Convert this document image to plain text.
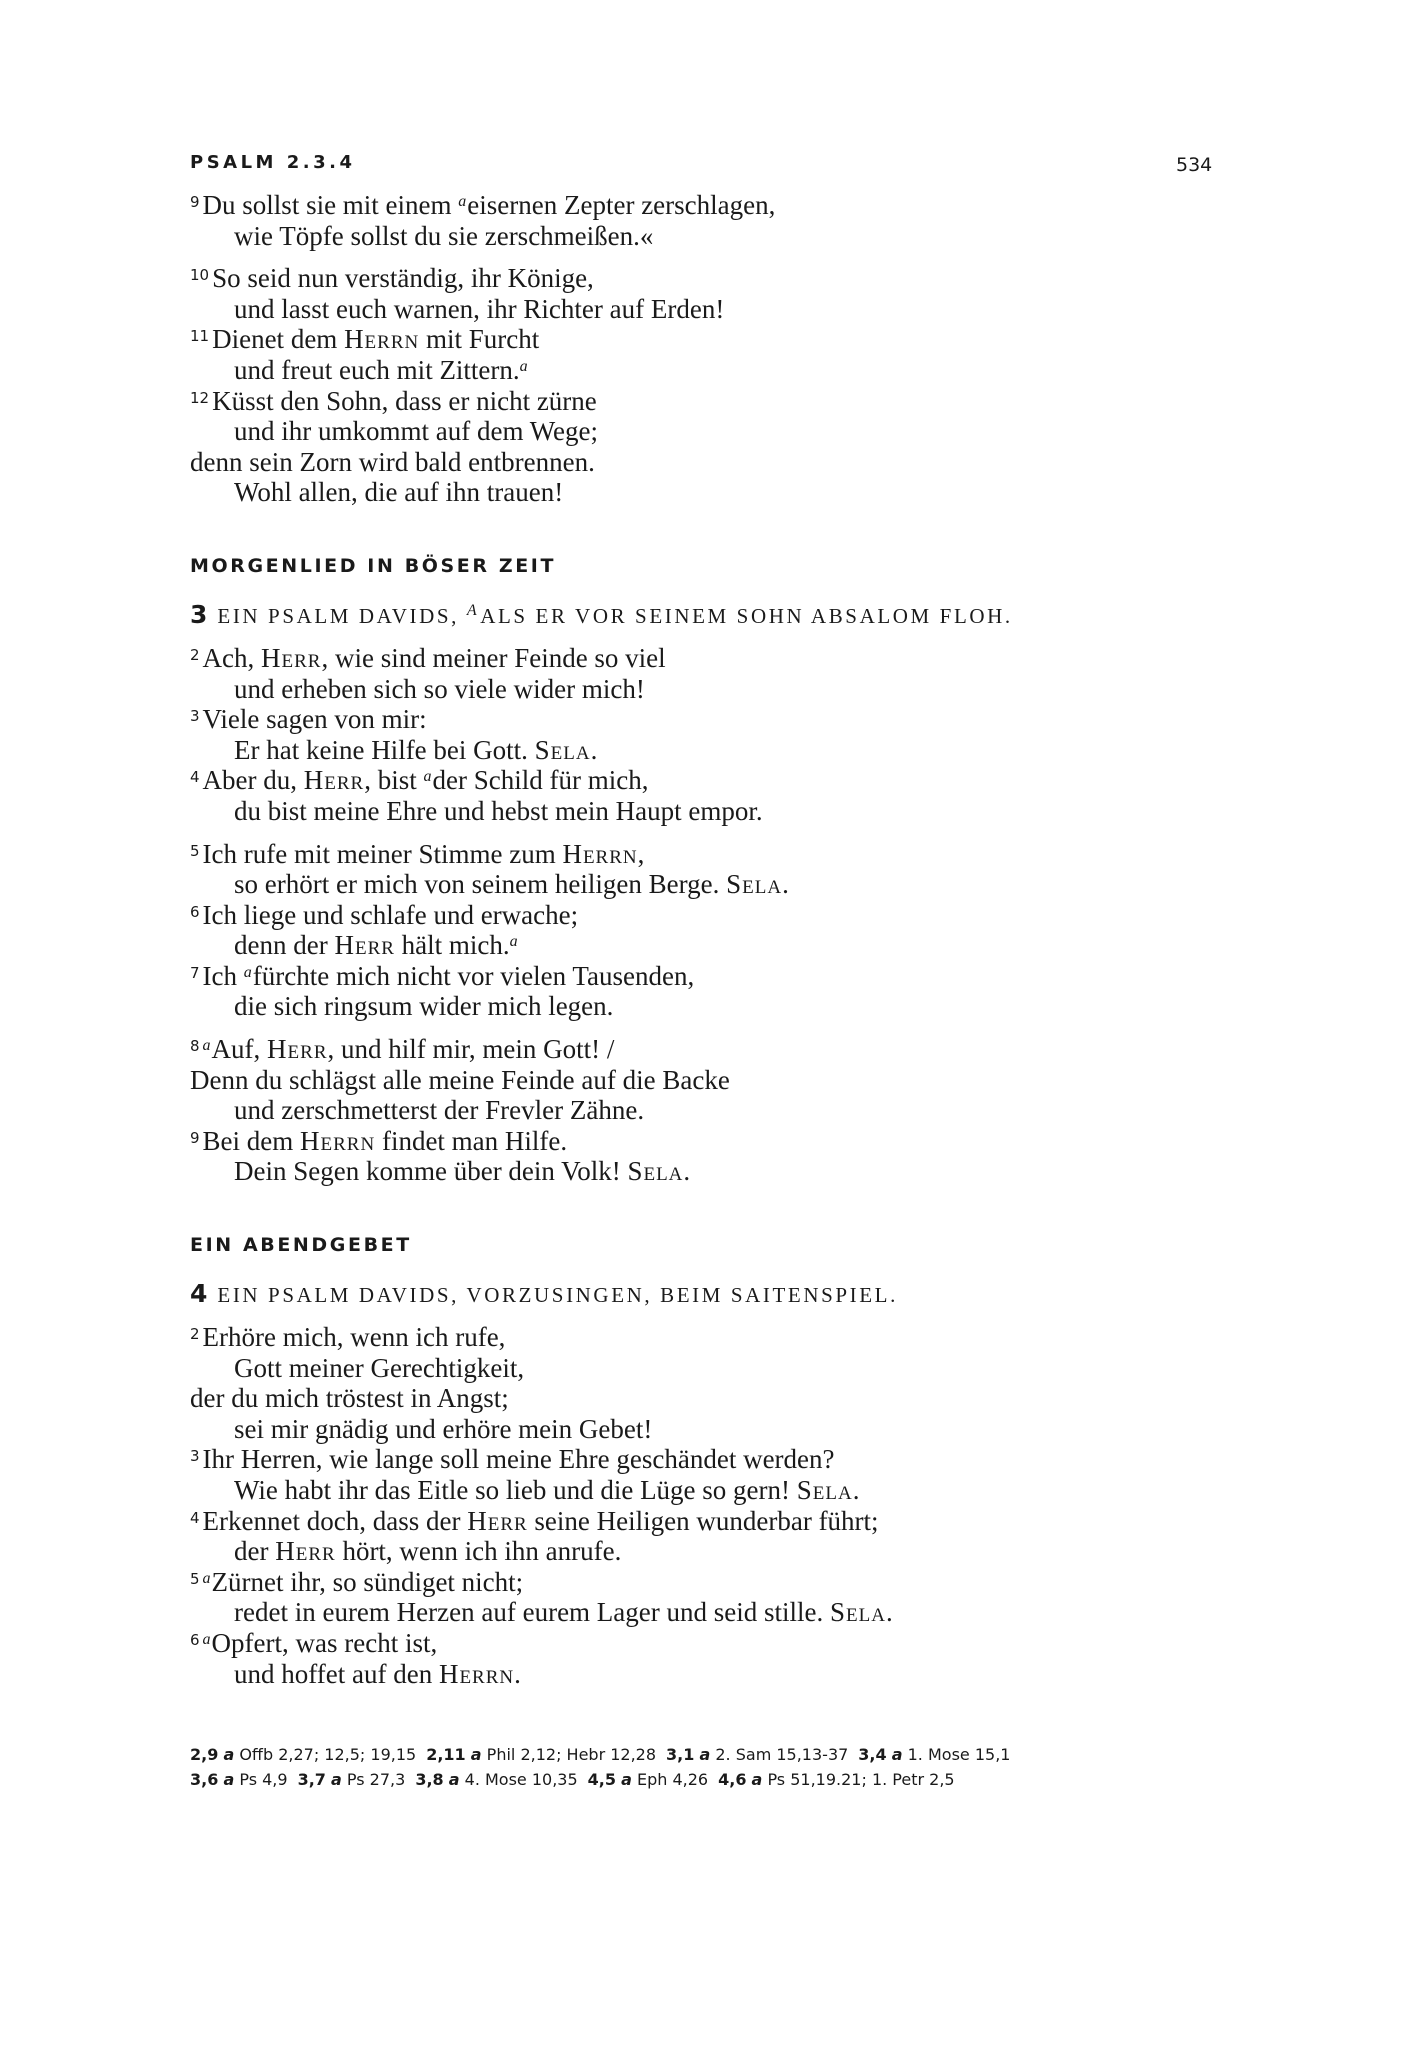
PSALM 2.3.4	534
$^9$ Du sollst sie mit einem $^a$eisernen Zepter zerschlagen,
wie Töpfe sollst du sie zerschmeißen.«
$^{10}$ So seid nun verständig, ihr Könige,
und lasst euch warnen, ihr Richter auf Erden!
$^{11}$ Dienet dem Herrn mit Furcht
und freut euch mit Zittern.$^a$
$^{12}$ Küsst den Sohn, dass er nicht zürne
und ihr umkommt auf dem Wege;
denn sein Zorn wird bald entbrennen.
Wohl allen, die auf ihn trauen!
MORGENLIED IN BÖSER ZEIT
3 EIN PSALM DAVIDS, $^A$ALS ER VOR SEINEM SOHN ABSALOM FLOH.
$^2$ Ach, Herr, wie sind meiner Feinde so viel
und erheben sich so viele wider mich!
$^3$ Viele sagen von mir:
Er hat keine Hilfe bei Gott. Sela.
$^4$ Aber du, Herr, bist $^a$der Schild für mich,
du bist meine Ehre und hebst mein Haupt empor.
$^5$ Ich rufe mit meiner Stimme zum Herrn,
so erhört er mich von seinem heiligen Berge. Sela.
$^6$ Ich liege und schlafe und erwache;
denn der Herr hält mich.$^a$
$^7$ Ich $^a$fürchte mich nicht vor vielen Tausenden,
die sich ringsum wider mich legen.
$^8$ $^a$Auf, Herr, und hilf mir, mein Gott! /
Denn du schlägst alle meine Feinde auf die Backe
und zerschmetterst der Frevler Zähne.
$^9$ Bei dem Herrn findet man Hilfe.
Dein Segen komme über dein Volk! Sela.
EIN ABENDGEBET
4 EIN PSALM DAVIDS, VORZUSINGEN, BEIM SAITENSPIEL.
$^2$ Erhöre mich, wenn ich rufe,
Gott meiner Gerechtigkeit,
der du mich tröstest in Angst;
sei mir gnädig und erhöre mein Gebet!
$^3$ Ihr Herren, wie lange soll meine Ehre geschändet werden?
Wie habt ihr das Eitle so lieb und die Lüge so gern! Sela.
$^4$ Erkennet doch, dass der Herr seine Heiligen wunderbar führt;
der Herr hört, wenn ich ihn anrufe.
$^5$ $^a$Zürnet ihr, so sündiget nicht;
redet in eurem Herzen auf eurem Lager und seid stille. Sela.
$^6$ $^a$Opfert, was recht ist,
und hoffet auf den Herrn.
2,9 a Offb 2,27; 12,5; 19,15 2,11 a Phil 2,12; Hebr 12,28 3,1 a 2. Sam 15,13-37 3,4 a 1. Mose 15,1
3,6 a Ps 4,9 3,7 a Ps 27,3 3,8 a 4. Mose 10,35 4,5 a Eph 4,26 4,6 a Ps 51,19.21; 1. Petr 2,5
